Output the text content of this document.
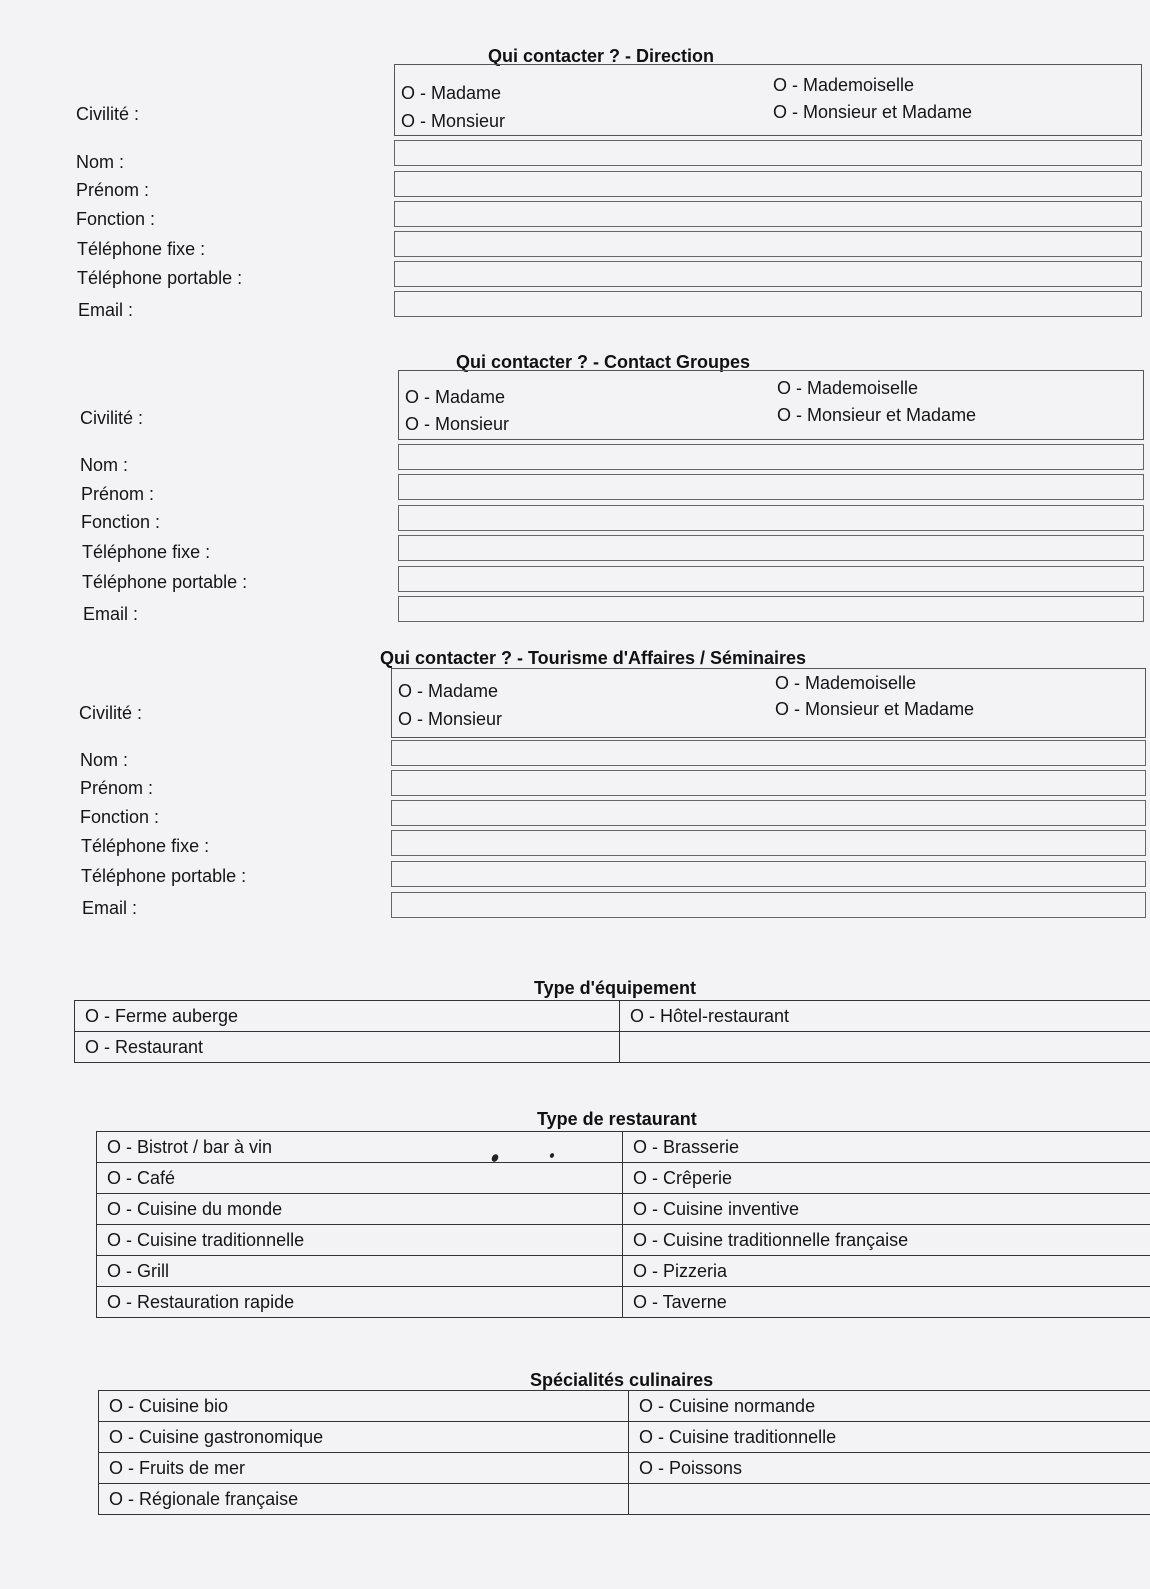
Qui contacter ? - Direction
Civilité :
O - Madame
O - Monsieur
O - Mademoiselle
O - Monsieur et Madame
Nom :
Prénom :
Fonction :
Téléphone fixe :
Téléphone portable :
Email :
Qui contacter ? - Contact Groupes
Civilité :
O - Madame
O - Monsieur
O - Mademoiselle
O - Monsieur et Madame
Nom :
Prénom :
Fonction :
Téléphone fixe :
Téléphone portable :
Email :
Qui contacter ? - Tourisme d'Affaires / Séminaires
Civilité :
O - Madame
O - Monsieur
O - Mademoiselle
O - Monsieur et Madame
Nom :
Prénom :
Fonction :
Téléphone fixe :
Téléphone portable :
Email :
Type d'équipement
O - Ferme auberge	O - Hôtel-restaurant
O - Restaurant	
Type de restaurant
O - Bistrot / bar à vin	O - Brasserie
O - Café	O - Crêperie
O - Cuisine du monde	O - Cuisine inventive
O - Cuisine traditionnelle	O - Cuisine traditionnelle française
O - Grill	O - Pizzeria
O - Restauration rapide	O - Taverne
Spécialités culinaires
O - Cuisine bio	O - Cuisine normande
O - Cuisine gastronomique	O - Cuisine traditionnelle
O - Fruits de mer	O - Poissons
O - Régionale française	
